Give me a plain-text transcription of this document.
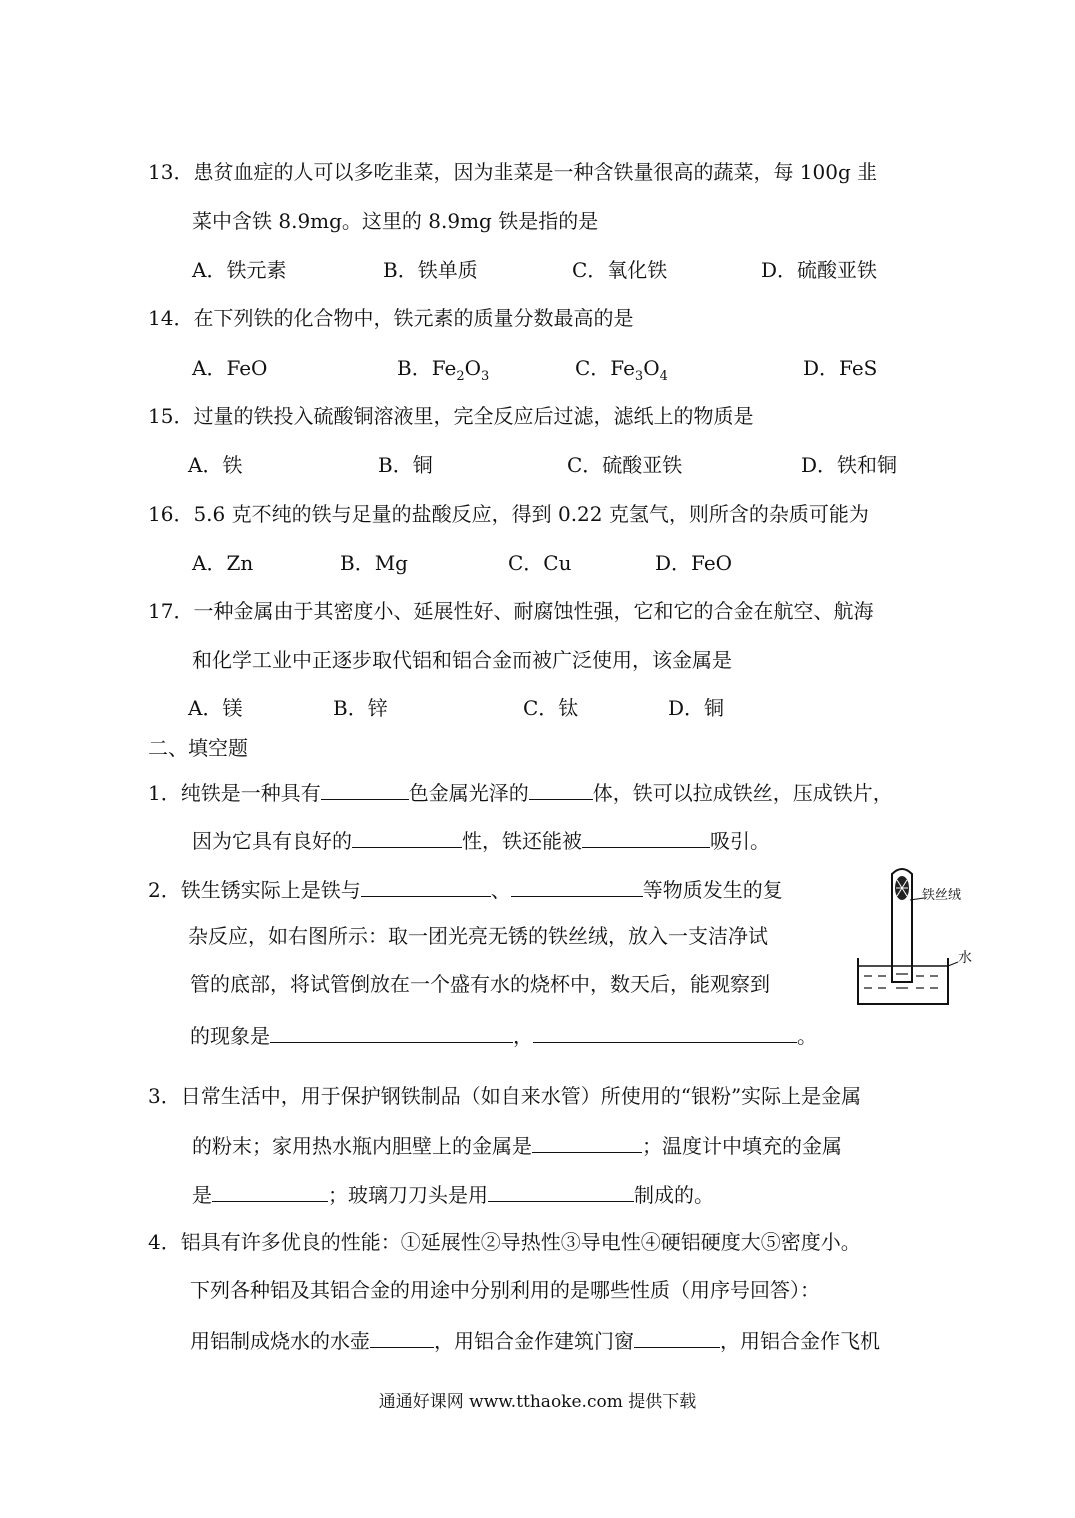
13．患贫血症的人可以多吃韭菜，因为韭菜是一种含铁量很高的蔬菜，每 100g 韭
菜中含铁 8.9mg。这里的 8.9mg 铁是指的是
A．铁元素	B．铁单质	C．氧化铁	D．硫酸亚铁
14．在下列铁的化合物中，铁元素的质量分数最高的是
A．FeO	B．$Fe_2O_3$	C．$Fe_3O_4$	D．FeS
15．过量的铁投入硫酸铜溶液里，完全反应后过滤，滤纸上的物质是
A．铁	B．铜	C．硫酸亚铁	D．铁和铜
16．5.6 克不纯的铁与足量的盐酸反应，得到 0.22 克氢气，则所含的杂质可能为
A．Zn	B．Mg	C．Cu	D．FeO
17．一种金属由于其密度小、延展性好、耐腐蚀性强，它和它的合金在航空、航海
和化学工业中正逐步取代铝和铝合金而被广泛使用，该金属是
A．镁	B．锌	C．钛	D．铜
二、填空题
1．纯铁是一种具有	色金属光泽的	体，铁可以拉成铁丝，压成铁片，
因为它具有良好的	性，铁还能被	吸引。
2．铁生锈实际上是铁与	、	等物质发生的复
杂反应，如右图所示：取一团光亮无锈的铁丝绒，放入一支洁净试
管的底部，将试管倒放在一个盛有水的烧杯中，数天后，能观察到
的现象是	，	。
铁丝绒
水
3．日常生活中，用于保护钢铁制品（如自来水管）所使用的“银粉”实际上是金属
的粉末；家用热水瓶内胆壁上的金属是	；温度计中填充的金属
是	；玻璃刀刀头是用	制成的。
4．铝具有许多优良的性能：①延展性②导热性③导电性④硬铝硬度大⑤密度小。
下列各种铝及其铝合金的用途中分别利用的是哪些性质（用序号回答）：
用铝制成烧水的水壶	，用铝合金作建筑门窗	，用铝合金作飞机
通通好课网 www.tthaoke.com 提供下载
